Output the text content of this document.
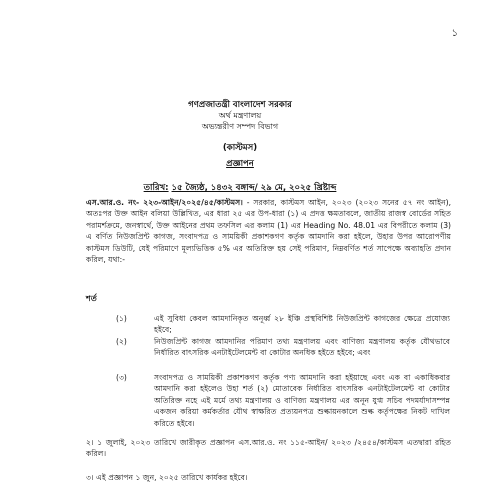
১
গণপ্রজাতন্ত্রী বাংলাদেশ সরকার
অর্থ মন্ত্রণালয়
অভ্যন্তরীণ সম্পদ বিভাগ
(কাস্টমস)
প্রজ্ঞাপন
তারিখ: ১৫ জ্যৈষ্ঠ, ১৪৩২ বঙ্গাব্দ/ ২৯ মে, ২০২৫ খ্রিষ্টাব্দ
এস.আর.ও. নং- ২২৩-আইন/২০২৫/৪৫/কাস্টমস। - সরকার, কাস্টমস আইন, ২০২৩ (২০২৩ সনের ৫৭ নং আইন), অতঃপর উক্ত আইন বলিয়া উল্লিখিত, এর ধারা ২৫ এর উপ-ধারা (১) এ প্রদত্ত ক্ষমতাবলে, জাতীয় রাজস্ব বোর্ডের সহিত পরামর্শক্রমে, জনস্বার্থে, উক্ত আইনের প্রথম তফসিল এর কলাম (1) এর Heading No. 48.01 এর বিপরীতে কলাম (3) এ বর্ণিত নিউজপ্রিন্ট কাগজ, সংবাদপত্র ও সাময়িকী প্রকাশকগণ কর্তৃক আমদানি করা হইলে, উহার উপর আরোপণীয় কাস্টমস ডিউটি, যেই পরিমাণে মূল্যভিত্তিক ৫% এর অতিরিক্ত হয় সেই পরিমাণ, নিম্নবর্ণিত শর্ত সাপেক্ষে অব্যাহতি প্রদান করিল, যথা:-
শর্ত
(১)	এই সুবিধা কেবল আমদানিকৃত অনূর্ধ্ব ২৮ ইঞ্চি প্রস্থবিশিষ্ট নিউজপ্রিন্ট কাগজের ক্ষেত্রে প্রযোজ্য হইবে;
(২)	নিউজপ্রিন্ট কাগজ আমদানির পরিমাণ তথ্য মন্ত্রণালয় এবং বাণিজ্য মন্ত্রণালয় কর্তৃক যৌথভাবে নির্ধারিত বাৎসরিক এনটাইটেলমেন্ট বা কোটার অনধিক হইতে হইবে; এবং
(৩)	সংবাদপত্র ও সাময়িকী প্রকাশকগণ কর্তৃক পণ্য আমদানি করা হইয়াছে এবং এক বা একাধিকবার আমদানি করা হইলেও উহা শর্ত (২) মোতাবেক নির্ধারিত বাৎসরিক এনটাইটেলমেন্ট বা কোটার অতিরিক্ত নহে এই মর্মে তথ্য মন্ত্রণালয় ও বাণিজ্য মন্ত্রণালয় এর অনূন যুগ্ম সচিব পদমর্যাদাসম্পন্ন একজন করিয়া কর্মকর্তার যৌথ স্বাক্ষরিত প্রত্যয়নপত্র শুল্কায়নকালে শুল্ক কর্তৃপক্ষের নিকট দাখিল করিতে হইবে।
২। ১ জুলাই, ২০২৩ তারিখে জারীকৃত প্রজ্ঞাপন এস.আর.ও. নং ১১৫-আইন/ ২০২৩ /২৪৫৪/কাস্টমস এতদ্বারা রহিত করিল।
৩। এই প্রজ্ঞাপন ১ জুন, ২০২৫ তারিখে কার্যকর হইবে।
